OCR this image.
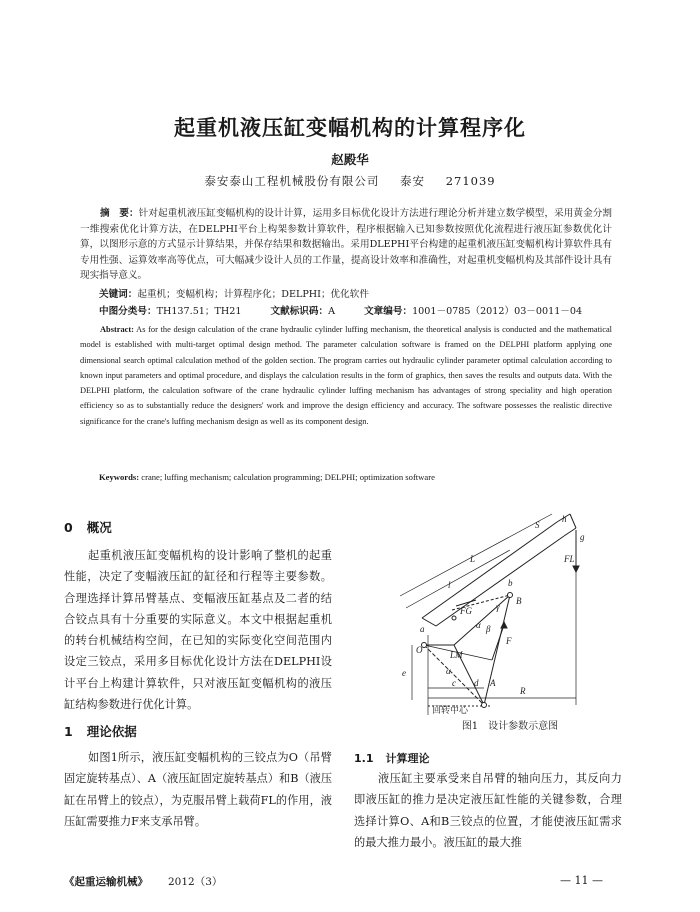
起重机液压缸变幅机构的计算程序化
赵殿华
泰安泰山工程机械股份有限公司 泰安 271039
摘　要：针对起重机液压缸变幅机构的设计计算，运用多目标优化设计方法进行理论分析并建立数学模型，采用黄金分割一维搜索优化计算方法，在DELPHI平台上构架参数计算软件，程序根据输入已知参数按照优化流程进行液压缸参数优化计算，以图形示意的方式显示计算结果，并保存结果和数据输出。采用DLEPHI平台构建的起重机液压缸变幅机构计算软件具有专用性强、运算效率高等优点，可大幅减少设计人员的工作量，提高设计效率和准确性，对起重机变幅机构及其部件设计具有现实指导意义。
关键词：起重机；变幅机构；计算程序化；DELPHI；优化软件
中图分类号：TH137.51；TH21	文献标识码：A	文章编号：1001－0785（2012）03－0011－04
Abstract: As for the design calculation of the crane hydraulic cylinder luffing mechanism, the theoretical analysis is conducted and the mathematical model is established with multi-target optimal design method. The parameter calculation software is framed on the DELPHI platform applying one dimensional search optimal calculation method of the golden section. The program carries out hydraulic cylinder parameter optimal calculation according to known input parameters and optimal procedure, and displays the calculation results in the form of graphics, then saves the results and outputs data. With the DELPHI platform, the calculation software of the crane hydraulic cylinder luffing mechanism has advantages of strong speciality and high operation efficiency so as to substantially reduce the designers' work and improve the design efficiency and accuracy. The software possesses the realistic directive significance for the crane's luffing mechanism design as well as its component design.
Keywords: crane; luffing mechanism; calculation programming; DELPHI; optimization software
0 概况
起重机液压缸变幅机构的设计影响了整机的起重性能，决定了变幅液压缸的缸径和行程等主要参数。合理选择计算吊臂基点、变幅液压缸基点及二者的结合铰点具有十分重要的实际意义。本文中根据起重机的转台机械结构空间，在已知的实际变化空间范围内设定三铰点，采用多目标优化设计方法在DELPHI设计平台上构建计算软件，只对液压缸变幅机构的液压缸结构参数进行优化计算。
1 理论依据
如图1所示，液压缸变幅机构的三铰点为O（吊臂固定旋转基点）、A（液压缸固定旋转基点）和B（液压缸在吊臂上的铰点），为克服吊臂上载荷FL的作用，液压缸需要推力F来支承吊臂。
S
h
g
FL
L
l	b
B
FG	γ
a	α β
F
O	LM
e	α
c d A
R
回转中心
图1　设计参数示意图
1.1 计算理论
液压缸主要承受来自吊臂的轴向压力，其反向力即液压缸的推力是决定液压缸性能的关键参数，合理选择计算O、A和B三铰点的位置，才能使液压缸需求的最大推力最小。液压缸的最大推
《起重运输机械》 2012（3）	— 11 —
